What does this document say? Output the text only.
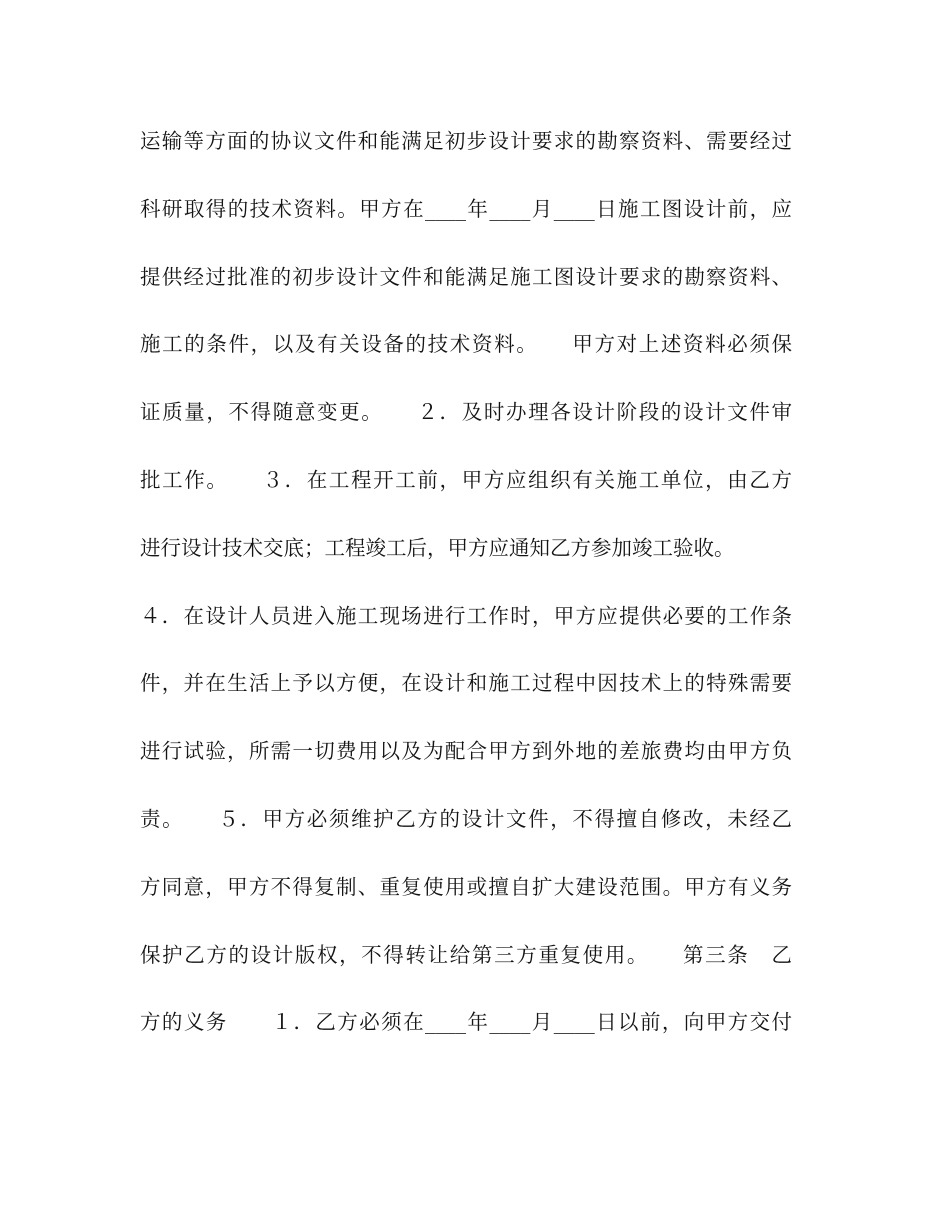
运输等方面的协议文件和能满足初步设计要求的勘察资料、需要经过
科研取得的技术资料。甲方在____年____月____日施工图设计前，应
提供经过批准的初步设计文件和能满足施工图设计要求的勘察资料、
施工的条件，以及有关设备的技术资料。　　甲方对上述资料必须保
证质量，不得随意变更。　　２．及时办理各设计阶段的设计文件审
批工作。　　３．在工程开工前，甲方应组织有关施工单位，由乙方
进行设计技术交底；工程竣工后，甲方应通知乙方参加竣工验收。
４．在设计人员进入施工现场进行工作时，甲方应提供必要的工作条
件，并在生活上予以方便，在设计和施工过程中因技术上的特殊需要
进行试验，所需一切费用以及为配合甲方到外地的差旅费均由甲方负
责。　　５．甲方必须维护乙方的设计文件，不得擅自修改，未经乙
方同意，甲方不得复制、重复使用或擅自扩大建设范围。甲方有义务
保护乙方的设计版权，不得转让给第三方重复使用。　　第三条　乙
方的义务　　１．乙方必须在____年____月____日以前，向甲方交付
